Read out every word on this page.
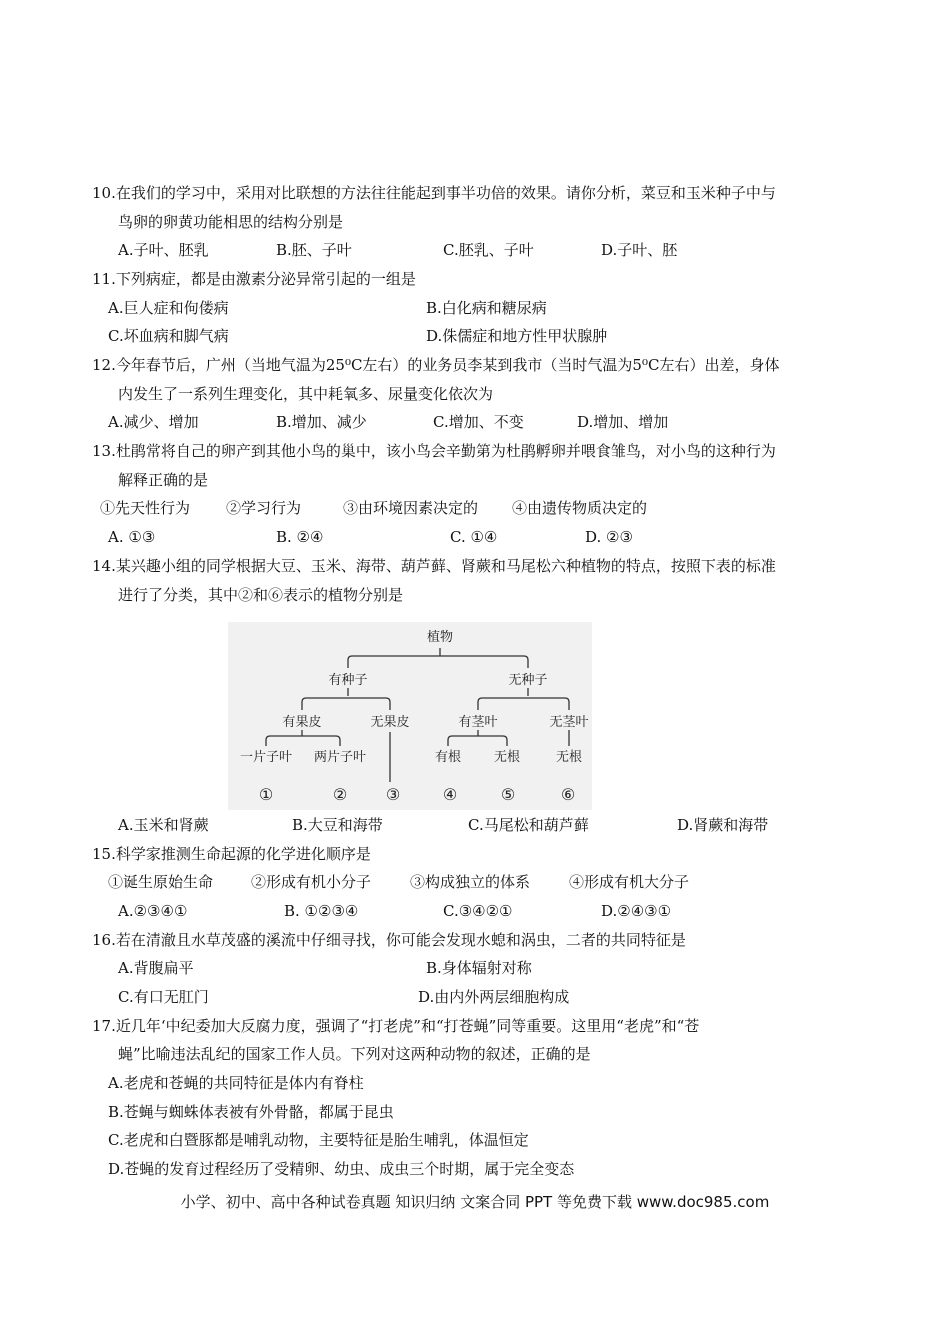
10.在我们的学习中，采用对比联想的方法往往能起到事半功倍的效果。请你分析，菜豆和玉米种子中与
鸟卵的卵黄功能相思的结构分别是
A.子叶、胚乳	B.胚、子叶	C.胚乳、子叶	D.子叶、胚
11.下列病症，都是由激素分泌异常引起的一组是
A.巨人症和佝偻病	B.白化病和糖尿病
C.坏血病和脚气病	D.侏儒症和地方性甲状腺肿
12.今年春节后，广州（当地气温为25⁰C左右）的业务员李某到我市（当时气温为5⁰C左右）出差，身体
内发生了一系列生理变化，其中耗氧多、尿量变化依次为
A.减少、增加	B.增加、减少	C.增加、不变	D.增加、增加
13.杜鹃常将自己的卵产到其他小鸟的巢中，该小鸟会辛勤第为杜鹃孵卵并喂食雏鸟，对小鸟的这种行为
解释正确的是
①先天性行为 ②学习行为	③由环境因素决定的 ④由遗传物质决定的
A. ①③	B. ②④	C. ①④	D. ②③
14.某兴趣小组的同学根据大豆、玉米、海带、葫芦藓、肾蕨和马尾松六种植物的特点，按照下表的标准
进行了分类，其中②和⑥表示的植物分别是
植物
有种子	无种子
有果皮	无果皮	有茎叶	无茎叶
一片子叶 两片子叶	有根	无根	无根
①	② ③	④	⑤	⑥
A.玉米和肾蕨	B.大豆和海带	C.马尾松和葫芦藓	D.肾蕨和海带
15.科学家推测生命起源的化学进化顺序是
①诞生原始生命	②形成有机小分子	③构成独立的体系	④形成有机大分子
A.②③④①	B. ①②③④	C.③④②①	D.②④③①
16.若在清澈且水草茂盛的溪流中仔细寻找，你可能会发现水螅和涡虫，二者的共同特征是
A.背腹扁平	B.身体辐射对称
C.有口无肛门	D.由内外两层细胞构成
17.近几年‘中纪委加大反腐力度，强调了“打老虎”和“打苍蝇”同等重要。这里用“老虎”和“苍
蝇”比喻违法乱纪的国家工作人员。下列对这两种动物的叙述，正确的是
A.老虎和苍蝇的共同特征是体内有脊柱
B.苍蝇与蜘蛛体表被有外骨骼，都属于昆虫
C.老虎和白暨豚都是哺乳动物，主要特征是胎生哺乳，体温恒定
D.苍蝇的发育过程经历了受精卵、幼虫、成虫三个时期，属于完全变态
小学、初中、高中各种试卷真题 知识归纳 文案合同 PPT 等免费下载 www.doc985.com
